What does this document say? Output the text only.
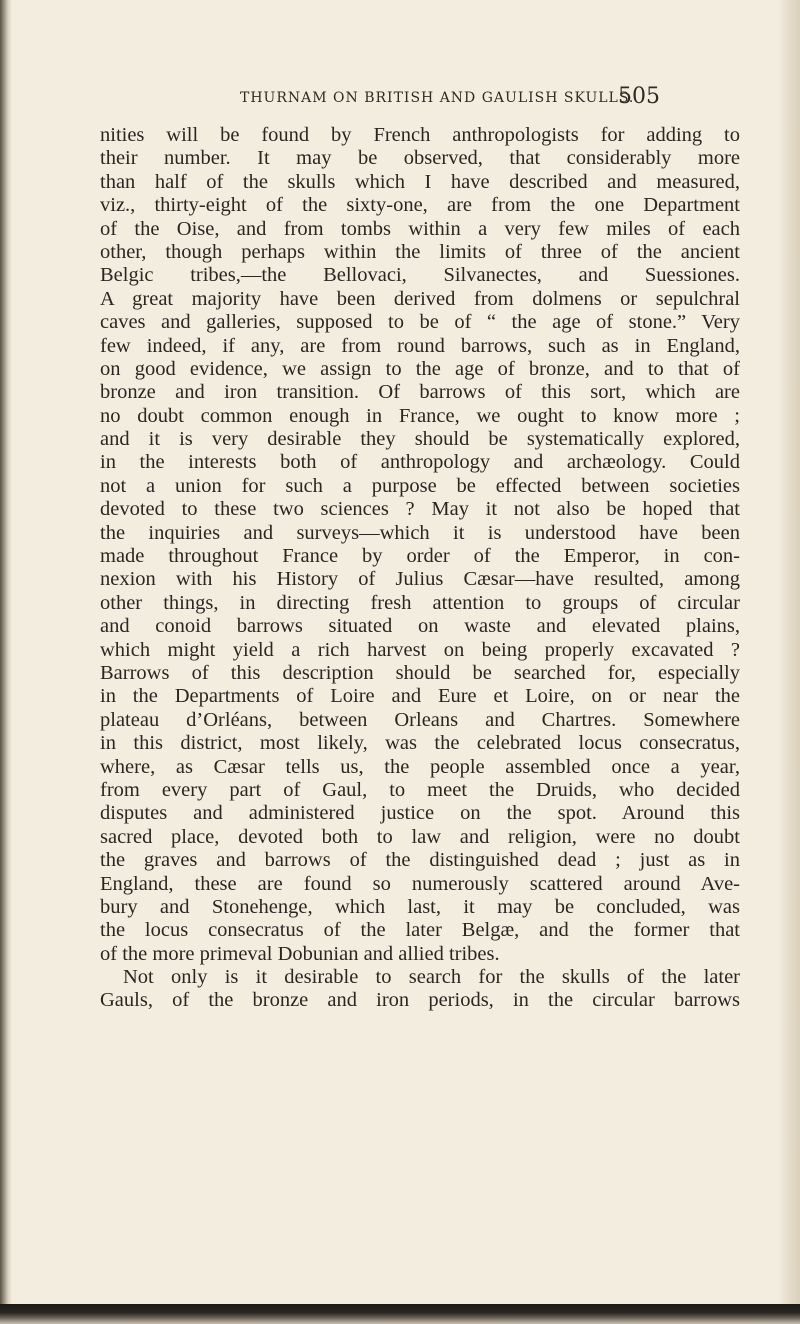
THURNAM ON BRITISH AND GAULISH SKULLS.
505
nities will be found by French anthropologists for adding to
their number. It may be observed, that considerably more
than half of the skulls which I have described and measured,
viz., thirty-eight of the sixty-one, are from the one Department
of the Oise, and from tombs within a very few miles of each
other, though perhaps within the limits of three of the ancient
Belgic tribes,—the Bellovaci, Silvanectes, and Suessiones.
A great majority have been derived from dolmens or sepulchral
caves and galleries, supposed to be of “ the age of stone.” Very
few indeed, if any, are from round barrows, such as in England,
on good evidence, we assign to the age of bronze, and to that of
bronze and iron transition. Of barrows of this sort, which are
no doubt common enough in France, we ought to know more ;
and it is very desirable they should be systematically explored,
in the interests both of anthropology and archæology. Could
not a union for such a purpose be effected between societies
devoted to these two sciences ? May it not also be hoped that
the inquiries and surveys—which it is understood have been
made throughout France by order of the Emperor, in con-
nexion with his History of Julius Cæsar—have resulted, among
other things, in directing fresh attention to groups of circular
and conoid barrows situated on waste and elevated plains,
which might yield a rich harvest on being properly excavated ?
Barrows of this description should be searched for, especially
in the Departments of Loire and Eure et Loire, on or near the
plateau d’Orléans, between Orleans and Chartres. Somewhere
in this district, most likely, was the celebrated locus consecratus,
where, as Cæsar tells us, the people assembled once a year,
from every part of Gaul, to meet the Druids, who decided
disputes and administered justice on the spot. Around this
sacred place, devoted both to law and religion, were no doubt
the graves and barrows of the distinguished dead ; just as in
England, these are found so numerously scattered around Ave-
bury and Stonehenge, which last, it may be concluded, was
the locus consecratus of the later Belgæ, and the former that
of the more primeval Dobunian and allied tribes.
Not only is it desirable to search for the skulls of the later
Gauls, of the bronze and iron periods, in the circular barrows
